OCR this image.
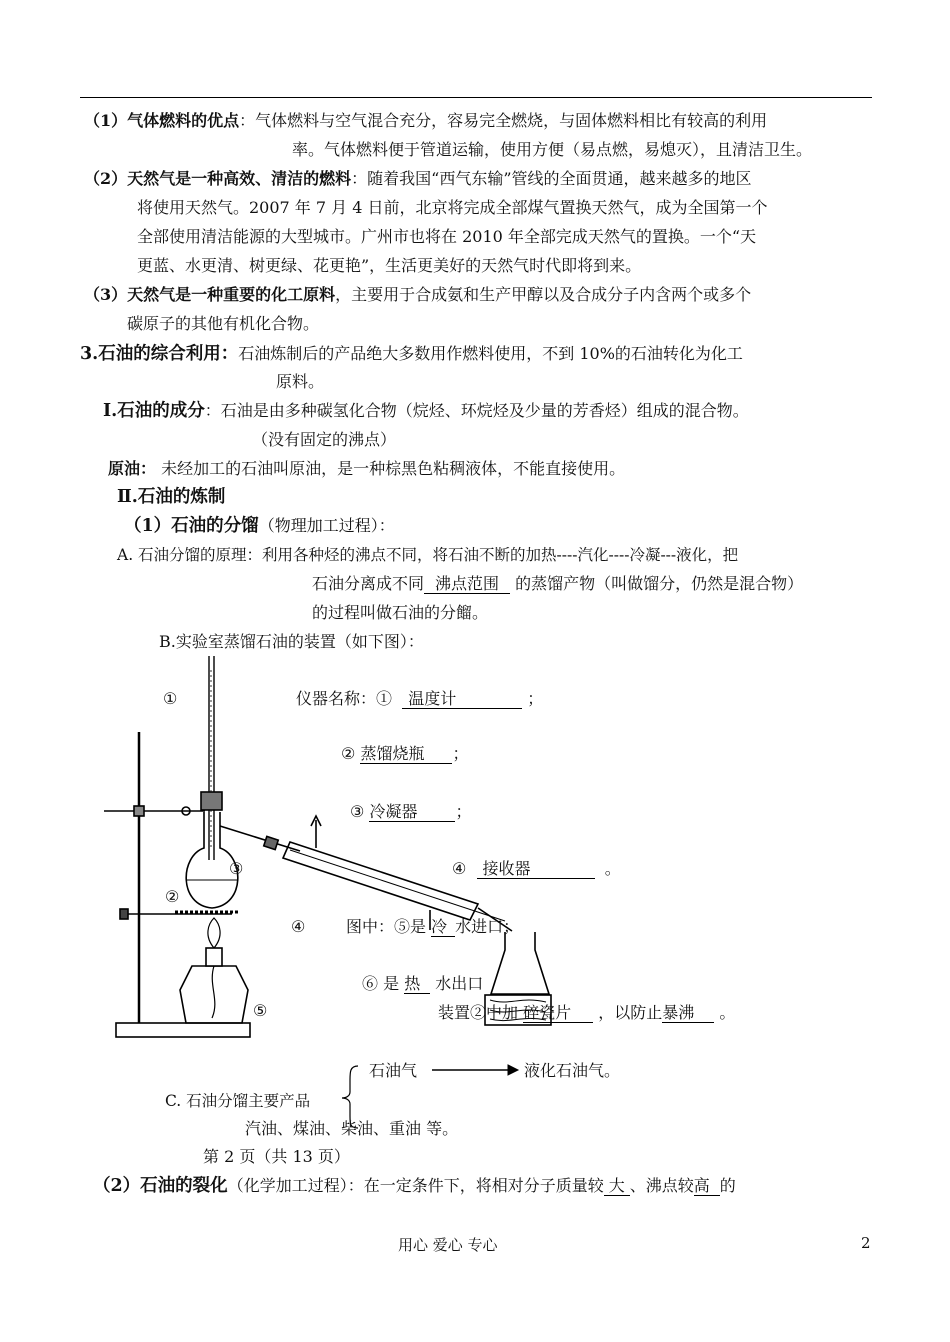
（1）气体燃料的优点：气体燃料与空气混合充分，容易完全燃烧，与固体燃料相比有较高的利用
率。气体燃料便于管道运输，使用方便（易点燃，易熄灭），且清洁卫生。
（2）天然气是一种高效、清洁的燃料：随着我国“西气东输”管线的全面贯通，越来越多的地区
将使用天然气。2007 年 7 月 4 日前，北京将完成全部煤气置换天然气，成为全国第一个
全部使用清洁能源的大型城市。广州市也将在 2010 年全部完成天然气的置换。一个“天
更蓝、水更清、树更绿、花更艳”，生活更美好的天然气时代即将到来。
（3）天然气是一种重要的化工原料，主要用于合成氨和生产甲醇以及合成分子内含两个或多个
碳原子的其他有机化合物。
3.石油的综合利用：石油炼制后的产品绝大多数用作燃料使用，不到 10%的石油转化为化工
原料。
I.石油的成分：石油是由多种碳氢化合物（烷烃、环烷烃及少量的芳香烃）组成的混合物。
（没有固定的沸点）
原油： 未经加工的石油叫原油，是一种棕黑色粘稠液体，不能直接使用。
Ⅱ.石油的炼制
（1）石油的分馏（物理加工过程）：
A. 石油分馏的原理：利用各种烃的沸点不同，将石油不断的加热----汽化----冷凝---液化，把
石油分离成不同 沸点范围 的蒸馏产物（叫做馏分，仍然是混合物）
的过程叫做石油的分餾。
B.实验室蒸馏石油的装置（如下图）：
①
③
②
④
⑤
仪器名称：① 温度计	；
② 蒸馏烧瓶 ；
③ 冷凝器 ；
④ 接收器	。
图中：⑤是 冷 水进口；
⑥ 是 热 水出口
装置②中加 碎瓷片 ，以防止暴沸 。
石油气	液化石油气。
C. 石油分馏主要产品
汽油、煤油、柴油、重油 等。
第 2 页（共 13 页）
（2）石油的裂化（化学加工过程）：在一定条件下，将相对分子质量较 大 、沸点较高 的
用心 爱心 专心	2
